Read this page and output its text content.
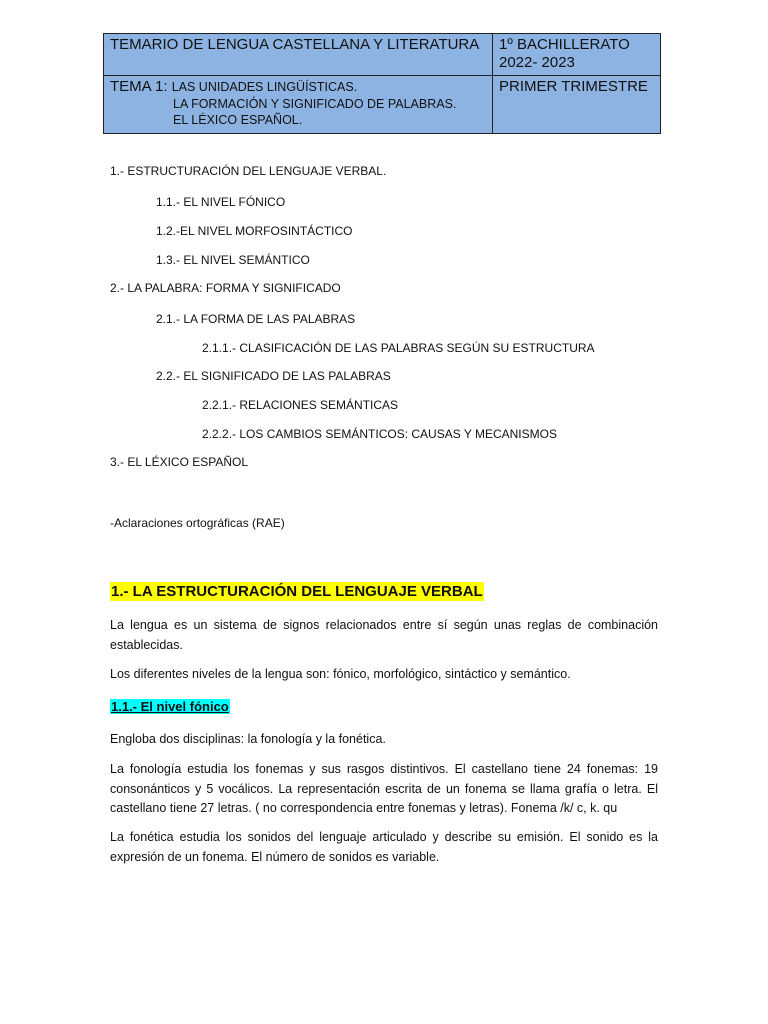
TEMARIO DE LENGUA CASTELLANA Y LITERATURA	1º BACHILLERATO
2022- 2023
TEMA 1: LAS UNIDADES LINGÜÍSTICAS.
LA FORMACIÓN Y SIGNIFICADO DE PALABRAS.
EL LÉXICO ESPAÑOL.	PRIMER TRIMESTRE
1.- ESTRUCTURACIÓN DEL LENGUAJE VERBAL.
1.1.- EL NIVEL FÓNICO
1.2.-EL NIVEL MORFOSINTÁCTICO
1.3.- EL NIVEL SEMÁNTICO
2.- LA PALABRA: FORMA Y SIGNIFICADO
2.1.- LA FORMA DE LAS PALABRAS
2.1.1.- CLASIFICACIÓN DE LAS PALABRAS SEGÚN SU ESTRUCTURA
2.2.- EL SIGNIFICADO DE LAS PALABRAS
2.2.1.- RELACIONES SEMÁNTICAS
2.2.2.- LOS CAMBIOS SEMÁNTICOS: CAUSAS Y MECANISMOS
3.- EL LÉXICO ESPAÑOL
-Aclaraciones ortográficas (RAE)
1.- LA ESTRUCTURACIÓN DEL LENGUAJE VERBAL
La lengua es un sistema de signos relacionados entre sí según unas reglas de combinación establecidas.
Los diferentes niveles de la lengua son: fónico, morfológico, sintáctico y semántico.
1.1.- El nivel fónico
Engloba dos disciplinas: la fonología y la fonética.
La fonología estudia los fonemas y sus rasgos distintivos. El castellano tiene 24 fonemas: 19 consonánticos y 5 vocálicos. La representación escrita de un fonema se llama grafía o letra. El castellano tiene 27 letras. ( no correspondencia entre fonemas y letras). Fonema /k/ c, k. qu
La fonética estudia los sonidos del lenguaje articulado y describe su emisión. El sonido es la expresión de un fonema. El número de sonidos es variable.
